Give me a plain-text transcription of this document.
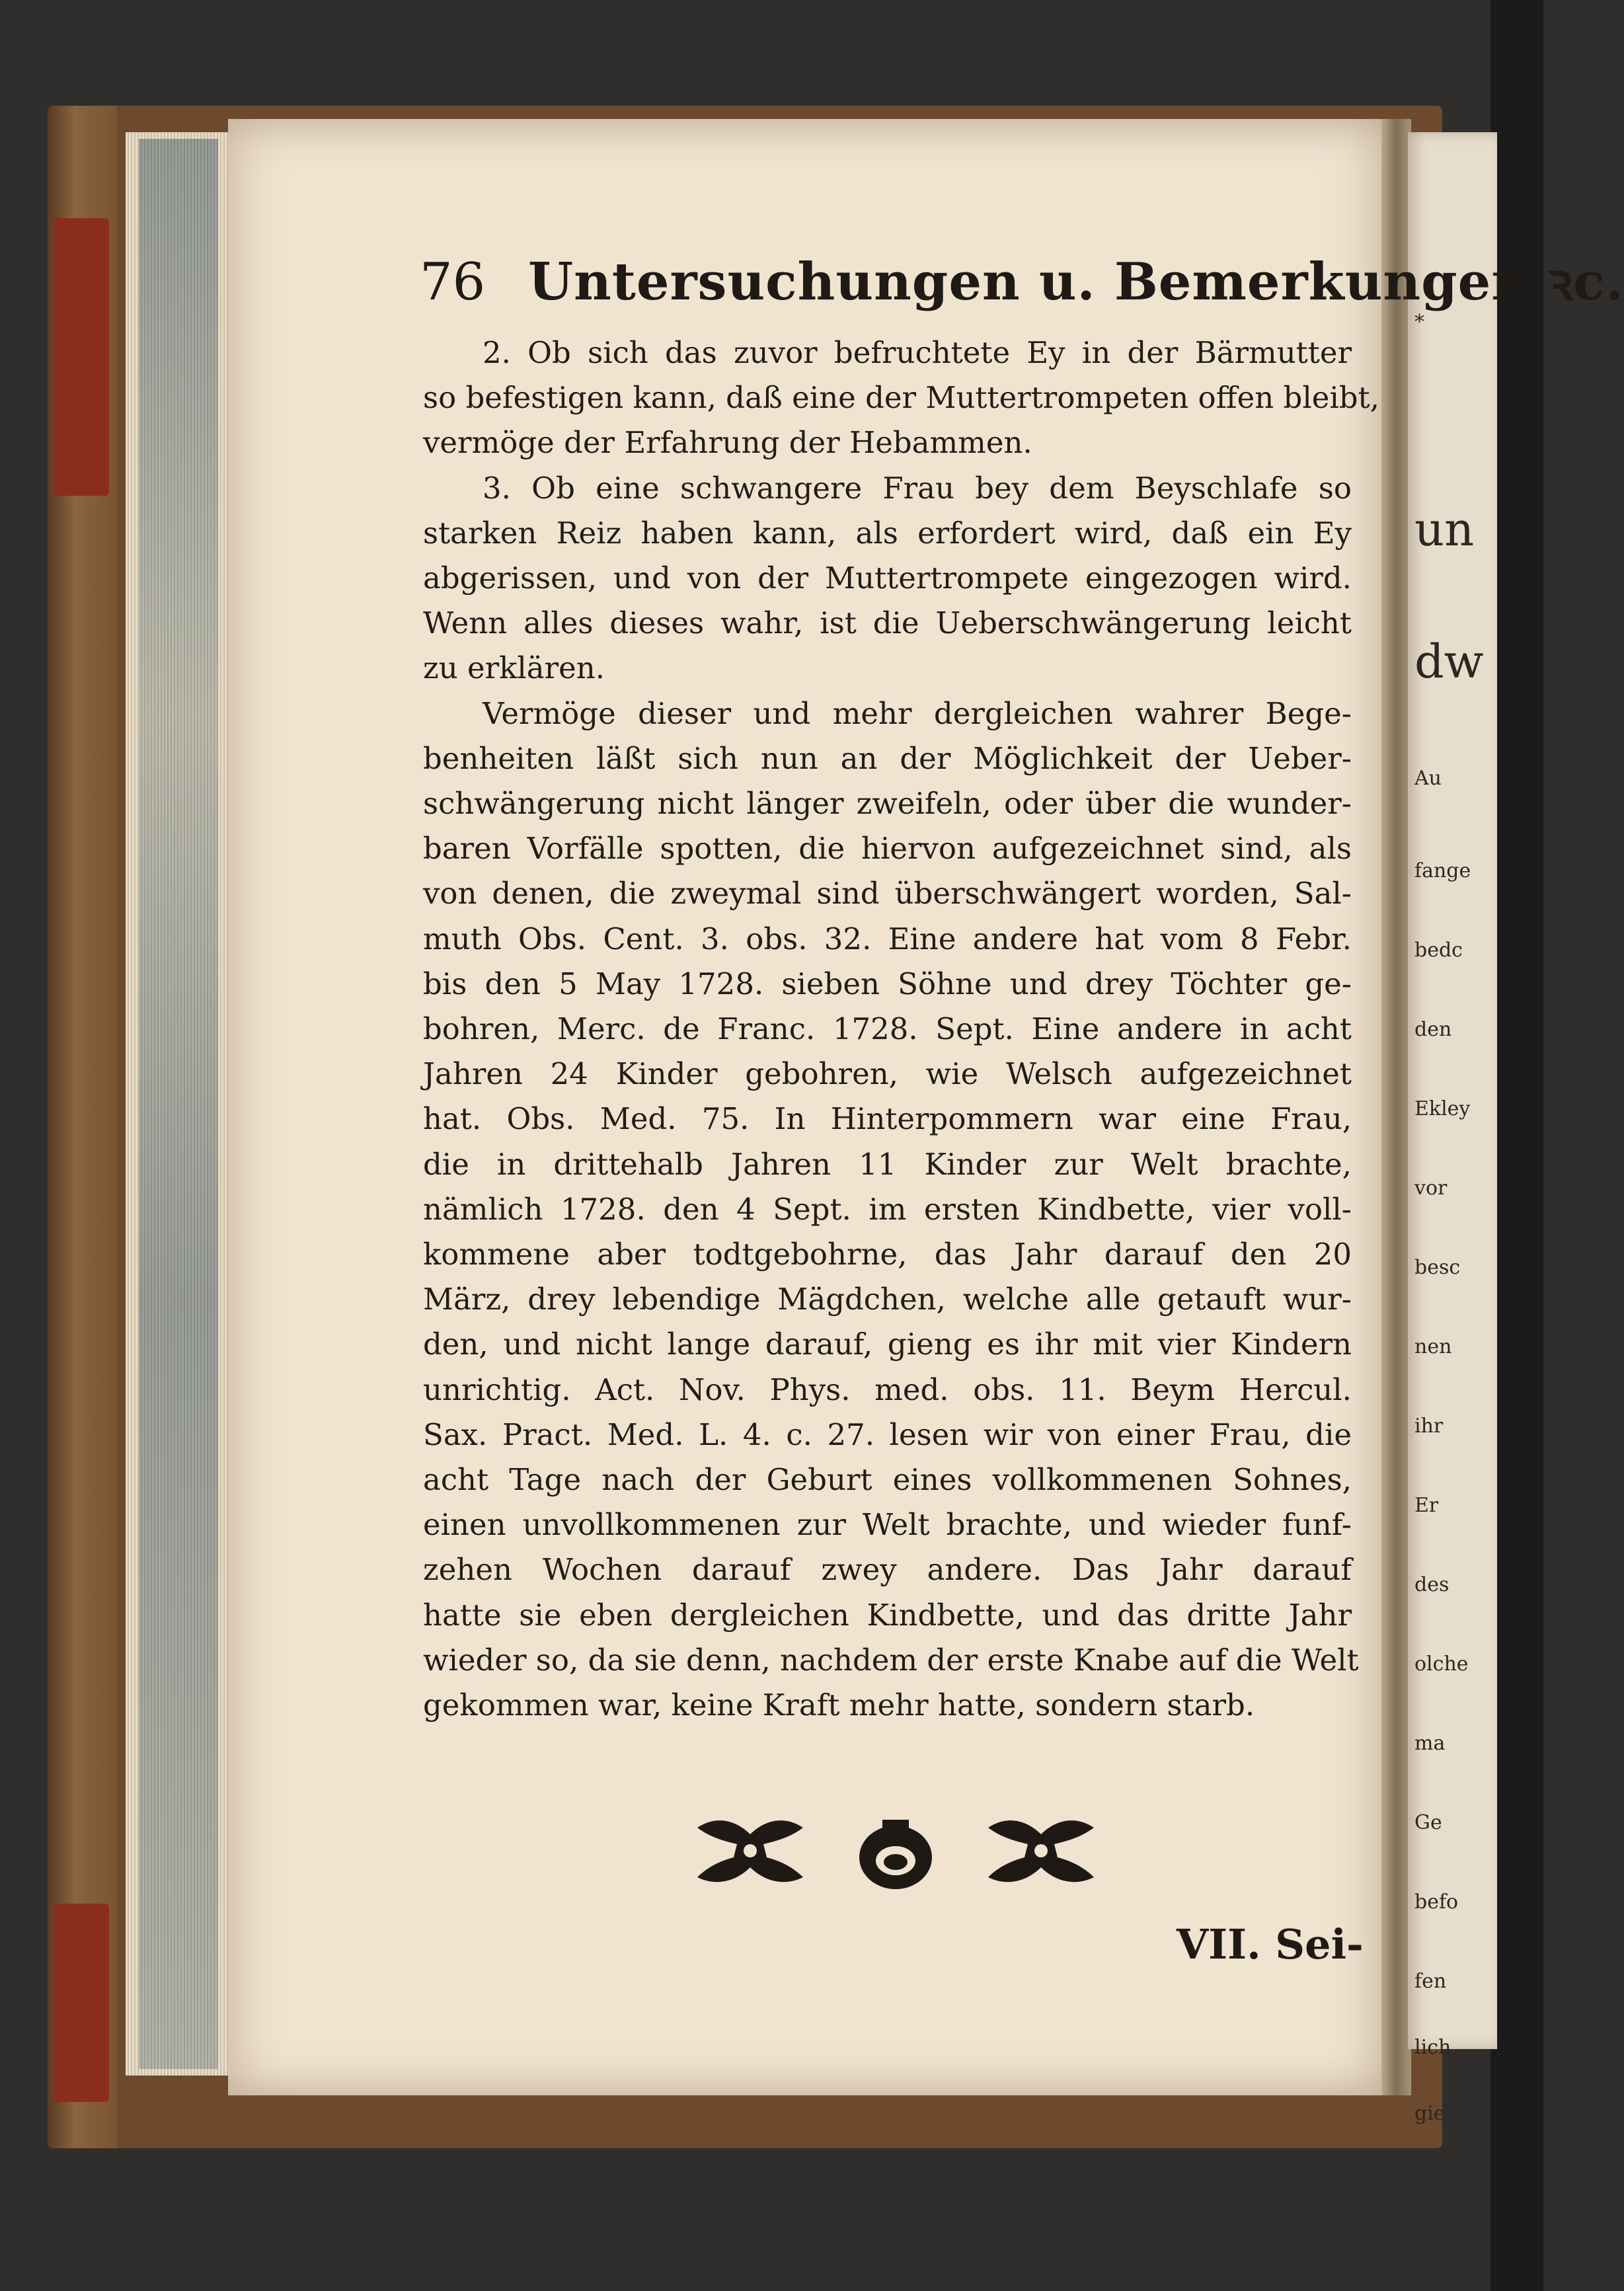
*
un
dw
Au
fange
bedc
den
Ekley
vor
besc
nen
ihr
Er
des
olche
ma
Ge
befo
fen
lich
gie
76 Untersuchungen u. Bemerkungen ꝛc.
2. Ob sich das zuvor befruchtete Ey in der Bärmutter
so befestigen kann, daß eine der Muttertrompeten offen bleibt,
vermöge der Erfahrung der Hebammen.
3. Ob eine schwangere Frau bey dem Beyschlafe so
starken Reiz haben kann, als erfordert wird, daß ein Ey
abgerissen, und von der Muttertrompete eingezogen wird.
Wenn alles dieses wahr, ist die Ueberschwängerung leicht
zu erklären.
Vermöge dieser und mehr dergleichen wahrer Bege-
benheiten läßt sich nun an der Möglichkeit der Ueber-
schwängerung nicht länger zweifeln, oder über die wunder-
baren Vorfälle spotten, die hiervon aufgezeichnet sind, als
von denen, die zweymal sind überschwängert worden, Sal-
muth Obs. Cent. 3. obs. 32. Eine andere hat vom 8 Febr.
bis den 5 May 1728. sieben Söhne und drey Töchter ge-
bohren, Merc. de Franc. 1728. Sept. Eine andere in acht
Jahren 24 Kinder gebohren, wie Welsch aufgezeichnet
hat. Obs. Med. 75. In Hinterpommern war eine Frau,
die in drittehalb Jahren 11 Kinder zur Welt brachte,
nämlich 1728. den 4 Sept. im ersten Kindbette, vier voll-
kommene aber todtgebohrne, das Jahr darauf den 20
März, drey lebendige Mägdchen, welche alle getauft wur-
den, und nicht lange darauf, gieng es ihr mit vier Kindern
unrichtig. Act. Nov. Phys. med. obs. 11. Beym Hercul.
Sax. Pract. Med. L. 4. c. 27. lesen wir von einer Frau, die
acht Tage nach der Geburt eines vollkommenen Sohnes,
einen unvollkommenen zur Welt brachte, und wieder funf-
zehen Wochen darauf zwey andere. Das Jahr darauf
hatte sie eben dergleichen Kindbette, und das dritte Jahr
wieder so, da sie denn, nachdem der erste Knabe auf die Welt
gekommen war, keine Kraft mehr hatte, sondern starb.
VII. Sei-
